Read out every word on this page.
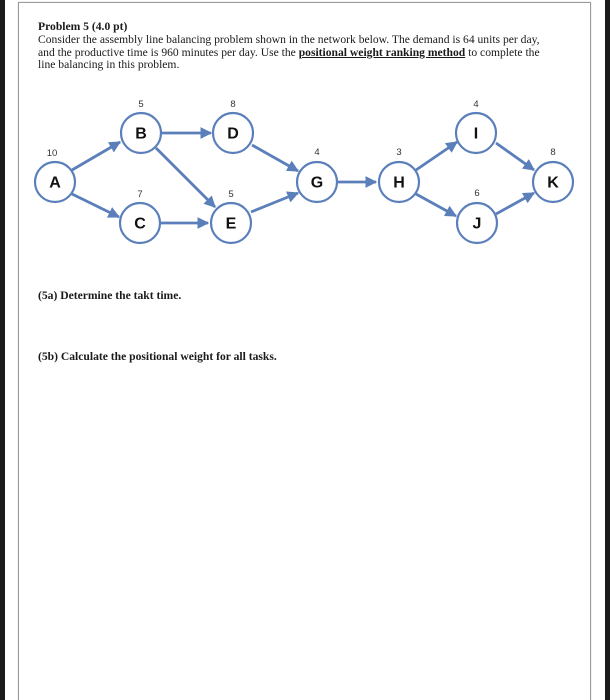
Problem 5 (4.0 pt)
Consider the assembly line balancing problem shown in the network below. The demand is 64 units per day, and the productive time is 960 minutes per day. Use the positional weight ranking method to complete the line balancing in this problem.
10
A
5
B
7
C
8
D
5
E
4
G
3
H
4
I
6
J
8
K
(5a) Determine the takt time.
(5b) Calculate the positional weight for all tasks.
